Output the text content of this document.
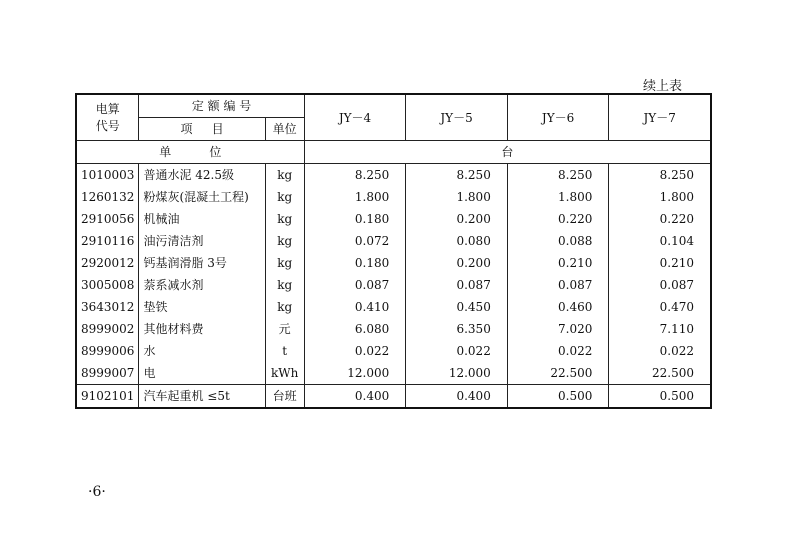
续上表
电算
代号	定 额 编 号		JY－4	JY－5	JY－6	JY－7
	项     目	单位				
单          位			台			
1010003	普通水泥 42.5级	kg	8.250	8.250	8.250	8.250
1260132	粉煤灰(混凝土工程)	kg	1.800	1.800	1.800	1.800
2910056	机械油	kg	0.180	0.200	0.220	0.220
2910116	油污清洁剂	kg	0.072	0.080	0.088	0.104
2920012	钙基润滑脂 3号	kg	0.180	0.200	0.210	0.210
3005008	萘系减水剂	kg	0.087	0.087	0.087	0.087
3643012	垫铁	kg	0.410	0.450	0.460	0.470
8999002	其他材料费	元	6.080	6.350	7.020	7.110
8999006	水	t	0.022	0.022	0.022	0.022
8999007	电	kWh	12.000	12.000	22.500	22.500
9102101	汽车起重机 ≤5t	台班	0.400	0.400	0.500	0.500
·6·
